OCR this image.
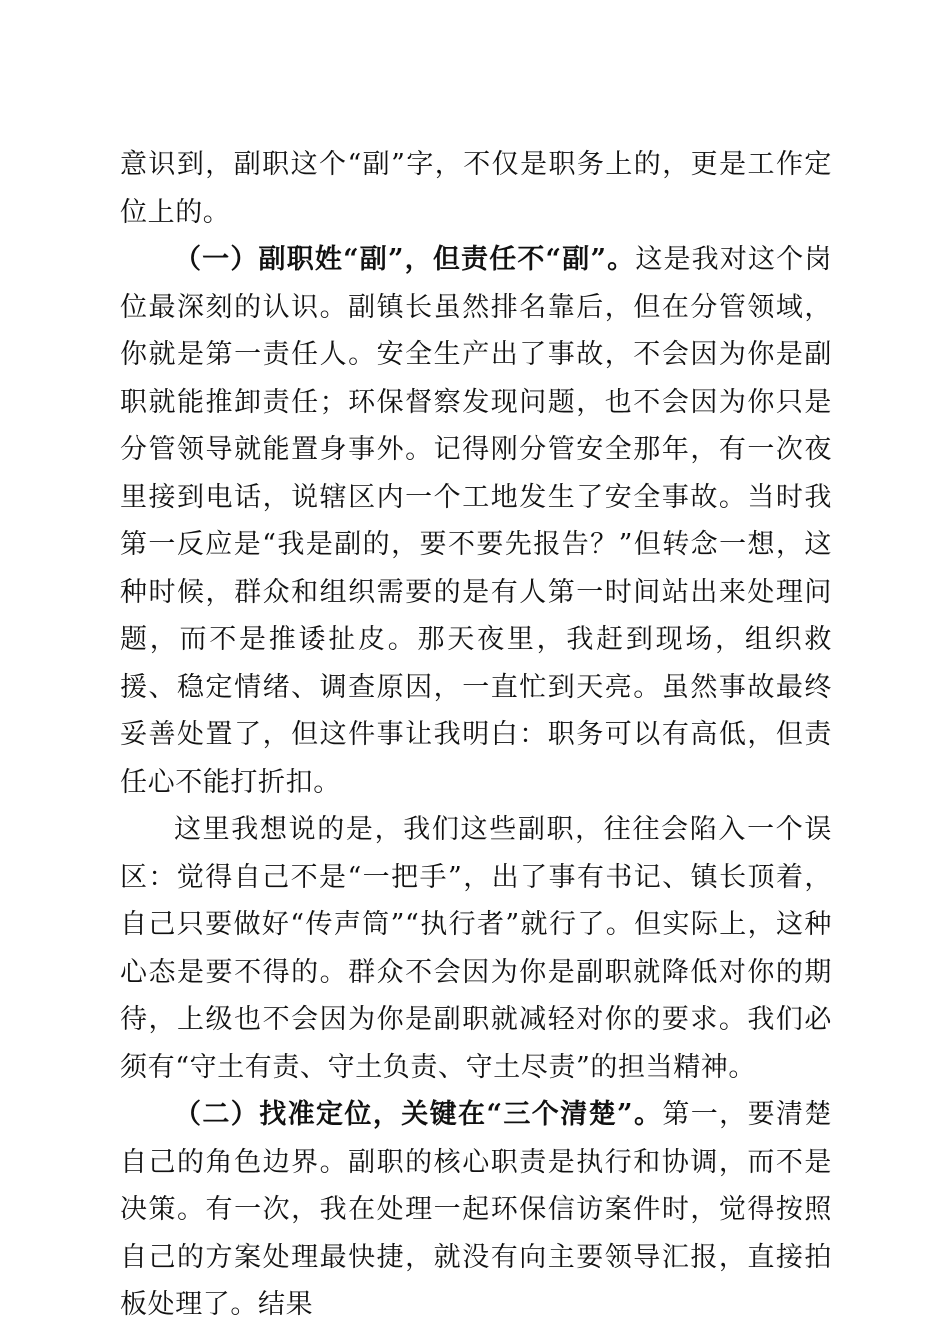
意识到，副职这个“副”字，不仅是职务上的，更是工作定位上的。

（一）副职姓“副”，但责任不“副”。这是我对这个岗位最深刻的认识。副镇长虽然排名靠后，但在分管领域，你就是第一责任人。安全生产出了事故，不会因为你是副职就能推卸责任；环保督察发现问题，也不会因为你只是分管领导就能置身事外。记得刚分管安全那年，有一次夜里接到电话，说辖区内一个工地发生了安全事故。当时我第一反应是“我是副的，要不要先报告？”但转念一想，这种时候，群众和组织需要的是有人第一时间站出来处理问题，而不是推诿扯皮。那天夜里，我赶到现场，组织救援、稳定情绪、调查原因，一直忙到天亮。虽然事故最终妥善处置了，但这件事让我明白：职务可以有高低，但责任心不能打折扣。

这里我想说的是，我们这些副职，往往会陷入一个误区：觉得自己不是“一把手”，出了事有书记、镇长顶着，自己只要做好“传声筒”“执行者”就行了。但实际上，这种心态是要不得的。群众不会因为你是副职就降低对你的期待，上级也不会因为你是副职就减轻对你的要求。我们必须有“守土有责、守土负责、守土尽责”的担当精神。

（二）找准定位，关键在“三个清楚”。第一，要清楚自己的角色边界。副职的核心职责是执行和协调，而不是决策。有一次，我在处理一起环保信访案件时，觉得按照自己的方案处理最快捷，就没有向主要领导汇报，直接拍板处理了。结果
